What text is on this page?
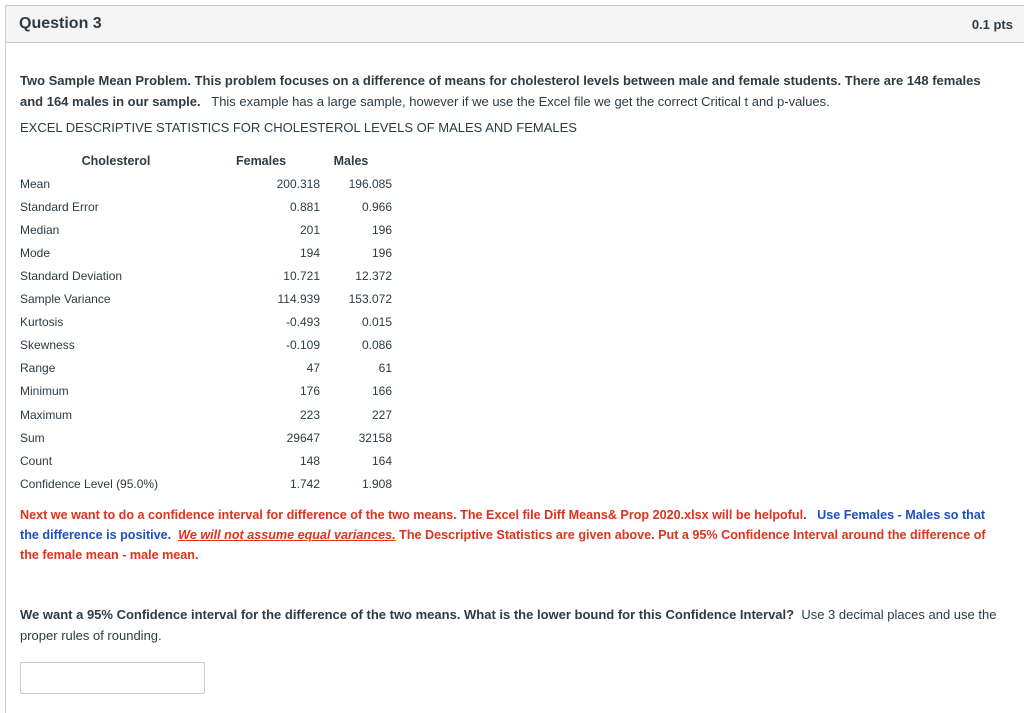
Question 3	0.1 pts

Two Sample Mean Problem. This problem focuses on a difference of means for cholesterol levels between male and female students. There are 148 females and 164 males in our sample. This example has a large sample, however if we use the Excel file we get the correct Critical t and p-values.

EXCEL DESCRIPTIVE STATISTICS FOR CHOLESTEROL LEVELS OF MALES AND FEMALES

Cholesterol	Females	Males
Mean	200.318	196.085
Standard Error	0.881	0.966
Median	201	196
Mode	194	196
Standard Deviation	10.721	12.372
Sample Variance	114.939	153.072
Kurtosis	-0.493	0.015
Skewness	-0.109	0.086
Range	47	61
Minimum	176	166
Maximum	223	227
Sum	29647	32158
Count	148	164
Confidence Level (95.0%)	1.742	1.908

Next we want to do a confidence interval for difference of the two means. The Excel file Diff Means& Prop 2020.xlsx will be helpoful. Use Females - Males so that the difference is positive. We will not assume equal variances. The Descriptive Statistics are given above. Put a 95% Confidence Interval around the difference of the female mean - male mean.

We want a 95% Confidence interval for the difference of the two means. What is the lower bound for this Confidence Interval? Use 3 decimal places and use the proper rules of rounding.
